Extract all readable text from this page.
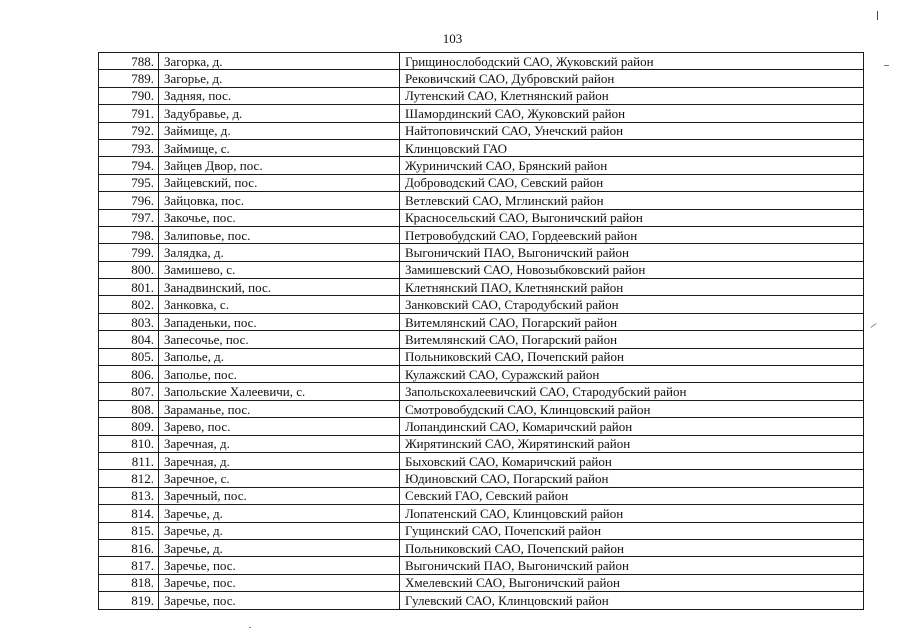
103
788.	Загорка, д.	Грищинослободский САО, Жуковский район
789.	Загорье, д.	Рековичский САО, Дубровский район
790.	Задняя, пос.	Лутенский САО, Клетнянский район
791.	Задубравье, д.	Шамординский САО, Жуковский район
792.	Займище, д.	Найтоповичский САО, Унечский район
793.	Займище, с.	Клинцовский ГАО
794.	Зайцев Двор, пос.	Журиничский САО, Брянский район
795.	Зайцевский, пос.	Доброводский САО, Севский район
796.	Зайцовка, пос.	Ветлевский САО, Мглинский район
797.	Закочье, пос.	Красносельский САО, Выгоничский район
798.	Залиповье, пос.	Петровобудский САО, Гордеевский район
799.	Залядка, д.	Выгоничский ПАО, Выгоничский район
800.	Замишево, с.	Замишевский САО, Новозыбковский район
801.	Занадвинский, пос.	Клетнянский ПАО, Клетнянский район
802.	Занковка, с.	Занковский САО, Стародубский район
803.	Западеньки, пос.	Витемлянский САО, Погарский район
804.	Запесочье, пос.	Витемлянский САО, Погарский район
805.	Заполье, д.	Польниковский САО, Почепский район
806.	Заполье, пос.	Кулажский САО, Суражский район
807.	Запольские Халеевичи, с.	Запольскохалеевичский САО, Стародубский район
808.	Зараманье, пос.	Смотровобудский САО, Клинцовский район
809.	Зарево, пос.	Лопандинский САО, Комаричский район
810.	Заречная, д.	Жирятинский САО, Жирятинский район
811.	Заречная, д.	Быховский САО, Комаричский район
812.	Заречное, с.	Юдиновский САО, Погарский район
813.	Заречный, пос.	Севский ГАО, Севский район
814.	Заречье, д.	Лопатенский САО, Клинцовский район
815.	Заречье, д.	Гущинский САО, Почепский район
816.	Заречье, д.	Польниковский САО, Почепский район
817.	Заречье, пос.	Выгоничский ПАО, Выгоничский район
818.	Заречье, пос.	Хмелевский САО, Выгоничский район
819.	Заречье, пос.	Гулевский САО, Клинцовский район
